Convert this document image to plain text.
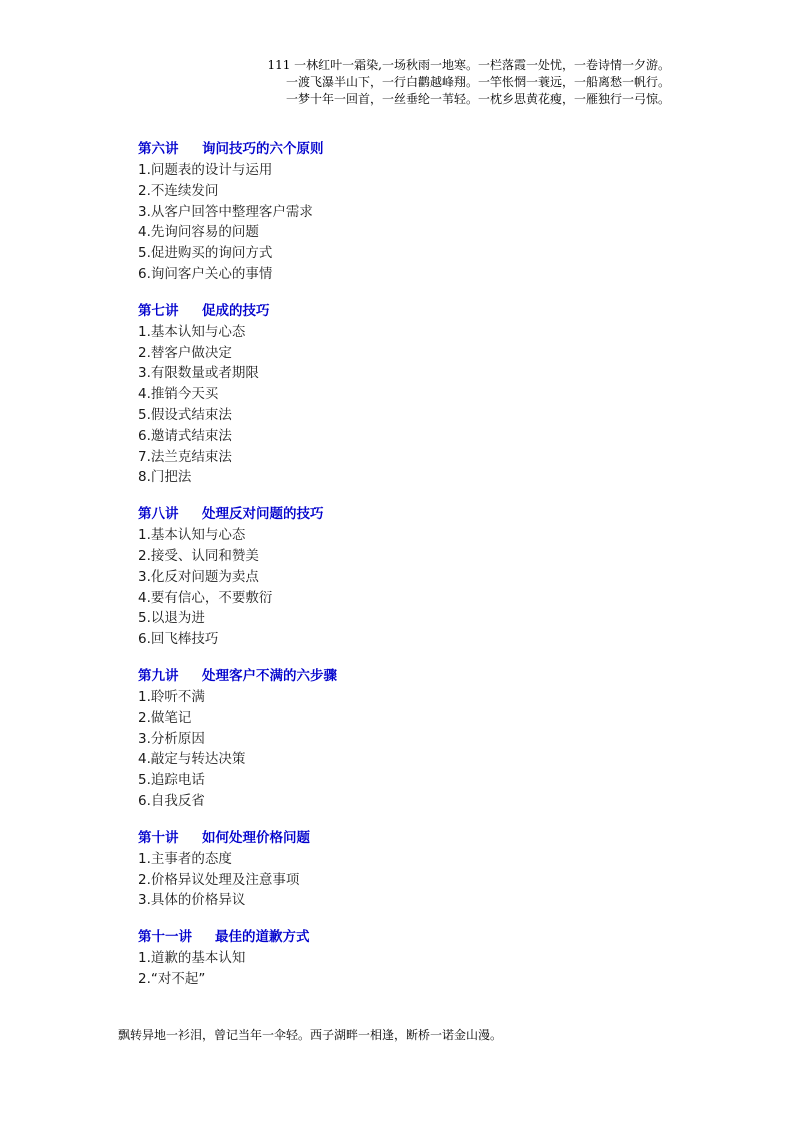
111 一林红叶一霜染,一场秋雨一地寒。一栏落霞一处忧，一卷诗情一夕游。
一渡飞瀑半山下，一行白鹳越峰翔。一竿怅惘一蓑远，一船离愁一帆行。
一梦十年一回首，一丝垂纶一苇轻。一枕乡思黄花瘦，一雁独行一弓惊。
第六讲 询问技巧的六个原则
1.问题表的设计与运用
2.不连续发问
3.从客户回答中整理客户需求
4.先询问容易的问题
5.促进购买的询问方式
6.询问客户关心的事情
第七讲 促成的技巧
1.基本认知与心态
2.替客户做决定
3.有限数量或者期限
4.推销今天买
5.假设式结束法
6.邀请式结束法
7.法兰克结束法
8.门把法
第八讲 处理反对问题的技巧
1.基本认知与心态
2.接受、认同和赞美
3.化反对问题为卖点
4.要有信心，不要敷衍
5.以退为进
6.回飞棒技巧
第九讲 处理客户不满的六步骤
1.聆听不满
2.做笔记
3.分析原因
4.敲定与转达决策
5.追踪电话
6.自我反省
第十讲 如何处理价格问题
1.主事者的态度
2.价格异议处理及注意事项
3.具体的价格异议
第十一讲 最佳的道歉方式
1.道歉的基本认知
2.“对不起”
飘转异地一衫泪，曾记当年一伞轻。西子湖畔一相逢，断桥一诺金山漫。
